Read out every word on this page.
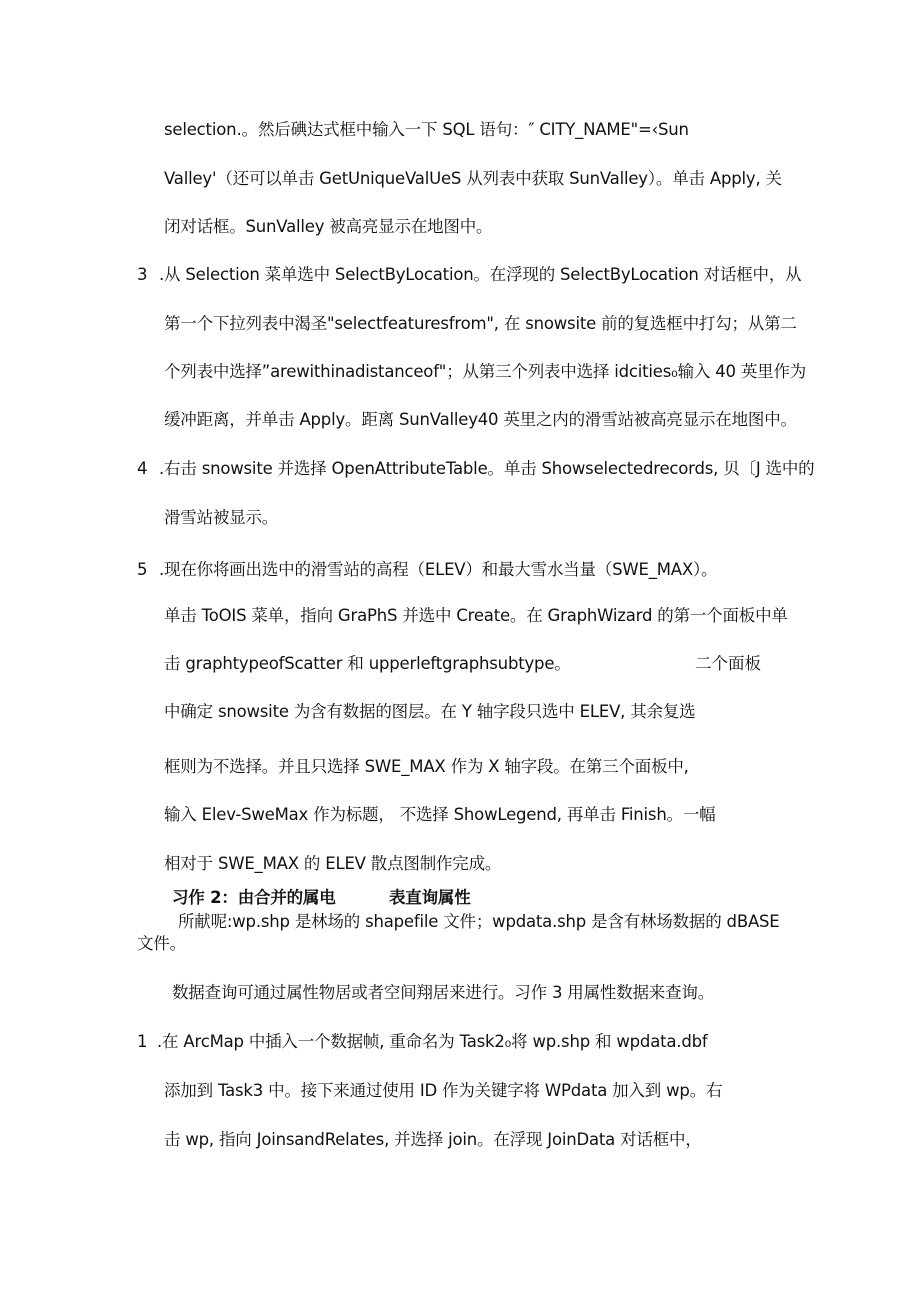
selection․。然后碘达式框中输入一下 SQL 语句：″ CITY_NAME"=‹Sun
Valley'（还可以单击 GetUniqueValUeS 从列表中获取 SunValley）。单击 Apply, 关
闭对话框。SunValley 被高亮显示在地图中。
3 .从 Selection 菜单选中 SelectByLocation。在浮现的 SelectByLocation 对话框中，从
第一个下拉列表中渴圣"selectfeaturesfrom", 在 snowsite 前的复选框中打勾；从第二
个列表中选择”arewithinadistanceof"；从第三个列表中选择 idcities₀输入 40 英里作为
缓冲距离，并单击 Apply。距离 SunValley40 英里之内的滑雪站被高亮显示在地图中。
4 .右击 snowsite 并选择 OpenAttributeTable。单击 Showselectedrecords, 贝〔J 选中的
滑雪站被显示。
5 .现在你将画出选中的滑雪站的高程（ELEV）和最大雪水当量（SWE_MAX）。
单击 ToOIS 菜单，指向 GraPhS 并选中 Create。在 GraphWizard 的第一个面板中单
击 graphtypeofScatter 和 upperleftgraphsubtype。	二个面板
中确定 snowsite 为含有数据的图层。在 Y 轴字段只选中 ELEV, 其余复选
框则为不选择。并且只选择 SWE_MAX 作为 X 轴字段。在第三个面板中,
输入 Elev-SweMax 作为标题， 不选择 ShowLegend, 再单击 Finish。一幅
相对于 SWE_MAX 的 ELEV 散点图制作完成。
习作 2：由合并的属电	表直询属性
所献呢:wp.shp 是林场的 shapefile 文件；wpdata.shp 是含有林场数据的 dBASE
文件。
数据查询可通过属性物居或者空间翔居来进行。习作 3 用属性数据来查询。
1 .在 ArcMap 中插入一个数据帧, 重命名为 Task2₀将 wp.shp 和 wpdata.dbf
添加到 Task3 中。接下来通过使用 ID 作为关键字将 WPdata 加入到 wp。右
击 wp, 指向 JoinsandRelates, 并选择 join。在浮现 JoinData 对话框中，
